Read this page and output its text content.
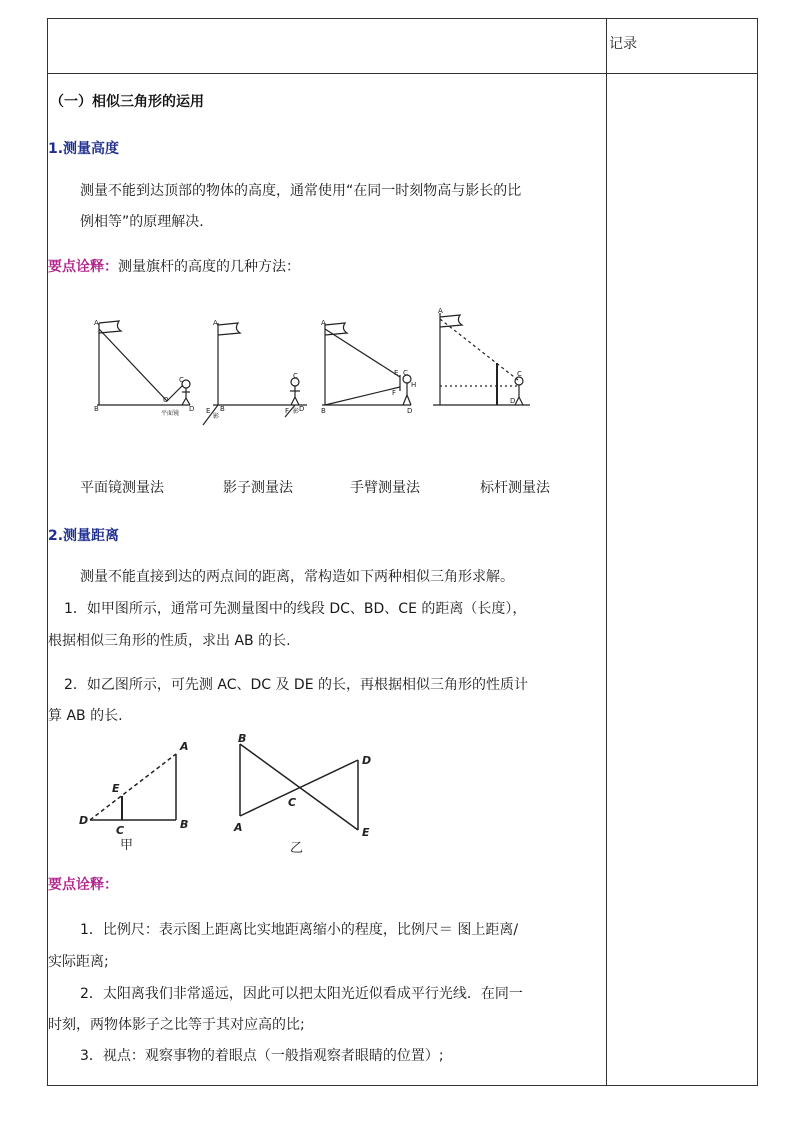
记录
（一）相似三角形的运用
1.测量高度
测量不能到达顶部的物体的高度，通常使用“在同一时刻物高与影长的比
例相等”的原理解决.
要点诠释：测量旗杆的高度的几种方法：
A
B
C
D
O
平面镜
A
B
C
D
E	F
影
影
A
B
C
D
E
F
H
A
C
D
平面镜测量法	影子测量法	手臂测量法	标杆测量法
2.测量距离
测量不能直接到达的两点间的距离，常构造如下两种相似三角形求解。
1．如甲图所示，通常可先测量图中的线段 DC、BD、CE 的距离（长度），
根据相似三角形的性质，求出 AB 的长.
2．如乙图所示，可先测 AC、DC 及 DE 的长，再根据相似三角形的性质计
算 AB 的长.
A
E
D
C	B
甲
B
D
C
A	E
乙
要点诠释：
1．比例尺：表示图上距离比实地距离缩小的程度，比例尺＝ 图上距离/
实际距离;
2．太阳离我们非常遥远，因此可以把太阳光近似看成平行光线．在同一
时刻，两物体影子之比等于其对应高的比;
3．视点：观察事物的着眼点（一般指观察者眼睛的位置）;
